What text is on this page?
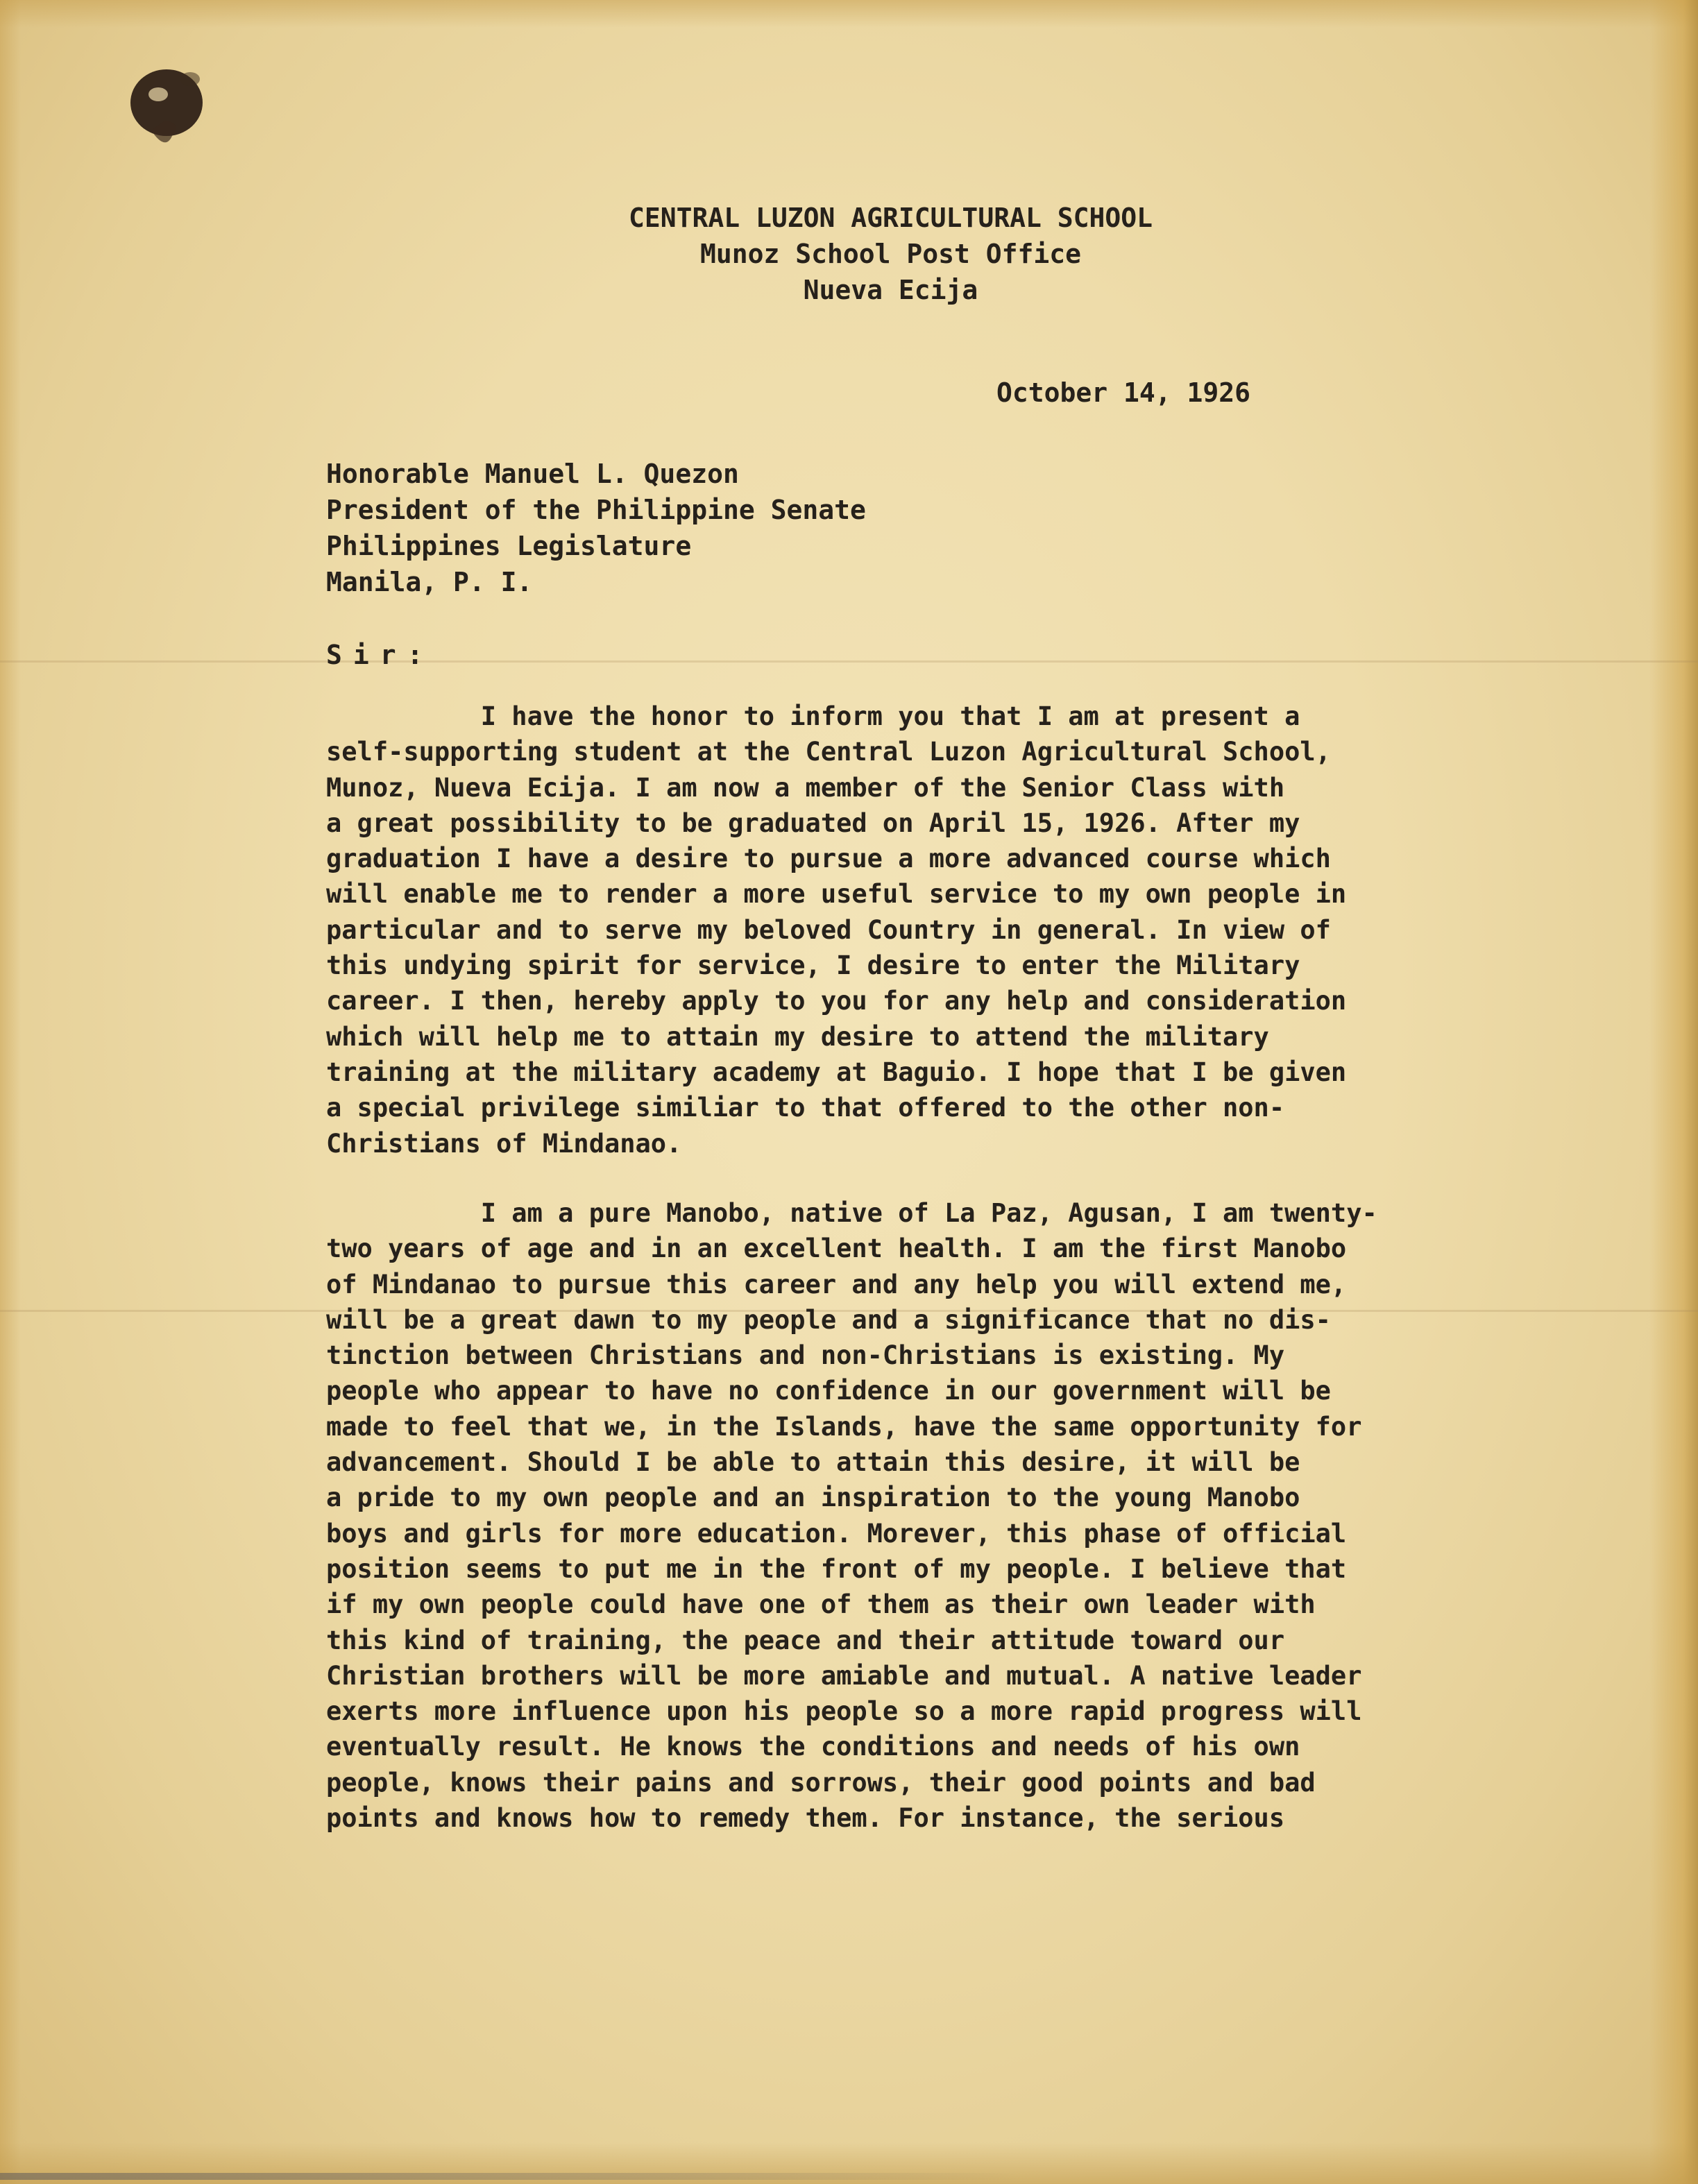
CENTRAL LUZON AGRICULTURAL SCHOOL
Munoz School Post Office
Nueva Ecija
October 14, 1926
Honorable Manuel L. Quezon
President of the Philippine Senate
Philippines Legislature
Manila, P. I.
Sir:
I have the honor to inform you that I am at present a
self-supporting student at the Central Luzon Agricultural School,
Munoz, Nueva Ecija. I am now a member of the Senior Class with
a great possibility to be graduated on April 15, 1926. After my
graduation I have a desire to pursue a more advanced course which
will enable me to render a more useful service to my own people in
particular and to serve my beloved Country in general. In view of
this undying spirit for service, I desire to enter the Military
career. I then, hereby apply to you for any help and consideration
which will help me to attain my desire to attend the military
training at the military academy at Baguio. I hope that I be given
a special privilege similiar to that offered to the other non-
Christians of Mindanao.
I am a pure Manobo, native of La Paz, Agusan, I am twenty-
two years of age and in an excellent health. I am the first Manobo
of Mindanao to pursue this career and any help you will extend me,
will be a great dawn to my people and a significance that no dis-
tinction between Christians and non-Christians is existing. My
people who appear to have no confidence in our government will be
made to feel that we, in the Islands, have the same opportunity for
advancement. Should I be able to attain this desire, it will be
a pride to my own people and an inspiration to the young Manobo
boys and girls for more education. Morever, this phase of official
position seems to put me in the front of my people. I believe that
if my own people could have one of them as their own leader with
this kind of training, the peace and their attitude toward our
Christian brothers will be more amiable and mutual. A native leader
exerts more influence upon his people so a more rapid progress will
eventually result. He knows the conditions and needs of his own
people, knows their pains and sorrows, their good points and bad
points and knows how to remedy them. For instance, the serious
